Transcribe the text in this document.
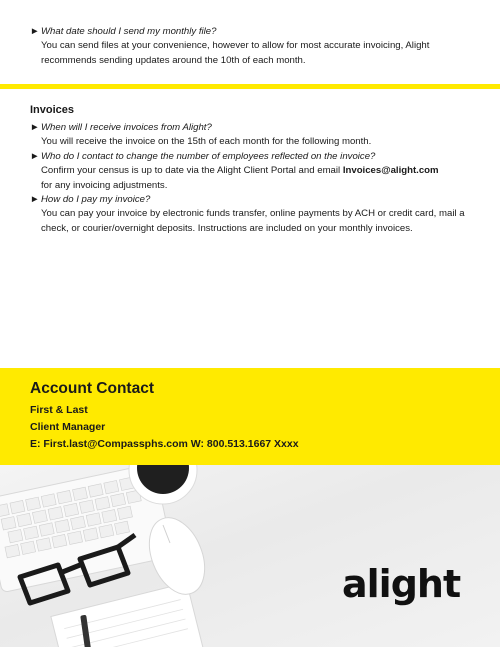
► What date should I send my monthly file?
You can send files at your convenience, however to allow for most accurate invoicing, Alight recommends sending updates around the 10th of each month.
Invoices
► When will I receive invoices from Alight?
You will receive the invoice on the 15th of each month for the following month.
► Who do I contact to change the number of employees reflected on the invoice?
Confirm your census is up to date via the Alight Client Portal and email Invoices@alight.com
for any invoicing adjustments.
► How do I pay my invoice?
You can pay your invoice by electronic funds transfer, online payments by ACH or credit card, mail a check, or courier/overnight deposits. Instructions are included on your monthly invoices.
Account Contact
First & Last
Client Manager
E: First.last@Compassphs.com W: 800.513.1667 Xxxx
alight
